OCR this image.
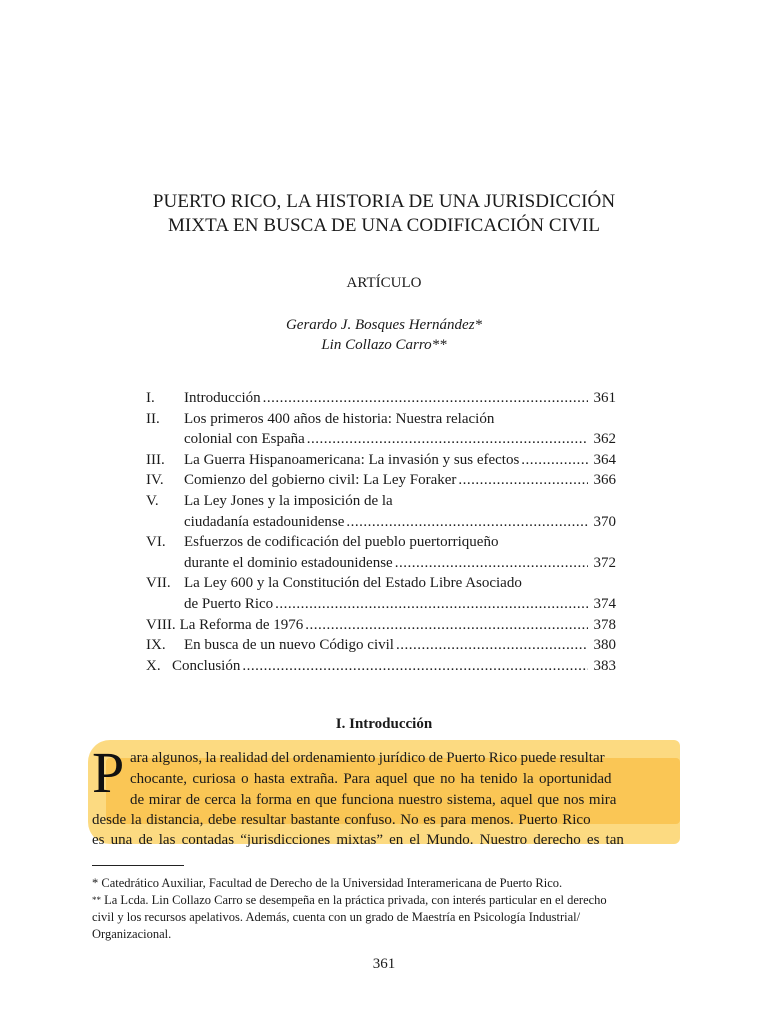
PUERTO RICO, LA HISTORIA DE UNA JURISDICCIÓN
MIXTA EN BUSCA DE UNA CODIFICACIÓN CIVIL
ARTÍCULO
Gerardo J. Bosques Hernández*
Lin Collazo Carro**
I.	Introducción .....	361
II.	Los primeros 400 años de historia: Nuestra relación
colonial con España .....	362
III.	La Guerra Hispanoamericana: La invasión y sus efectos .....	364
IV.	Comienzo del gobierno civil: La Ley Foraker .....	366
V.	La Ley Jones y la imposición de la
ciudadanía estadounidense .....	370
VI.	Esfuerzos de codificación del pueblo puertorriqueño
durante el dominio estadounidense .....	372
VII. La Ley 600 y la Constitución del Estado Libre Asociado
de Puerto Rico .....	374
VIII. La Reforma de 1976 .....	378
IX.	En busca de un nuevo Código civil .....	380
X. Conclusión .....	383
I. Introducción
P ara algunos, la realidad del ordenamiento jurídico de Puerto Rico puede resultar
chocante, curiosa o hasta extraña. Para aquel que no ha tenido la oportunidad
de mirar de cerca la forma en que funciona nuestro sistema, aquel que nos mira
desde la distancia, debe resultar bastante confuso. No es para menos. Puerto Rico
es una de las contadas “jurisdicciones mixtas” en el Mundo. Nuestro derecho es tan
* Catedrático Auxiliar, Facultad de Derecho de la Universidad Interamericana de Puerto Rico.
** La Lcda. Lin Collazo Carro se desempeña en la práctica privada, con interés particular en el derecho
civil y los recursos apelativos. Además, cuenta con un grado de Maestría en Psicología Industrial/
Organizacional.
361
